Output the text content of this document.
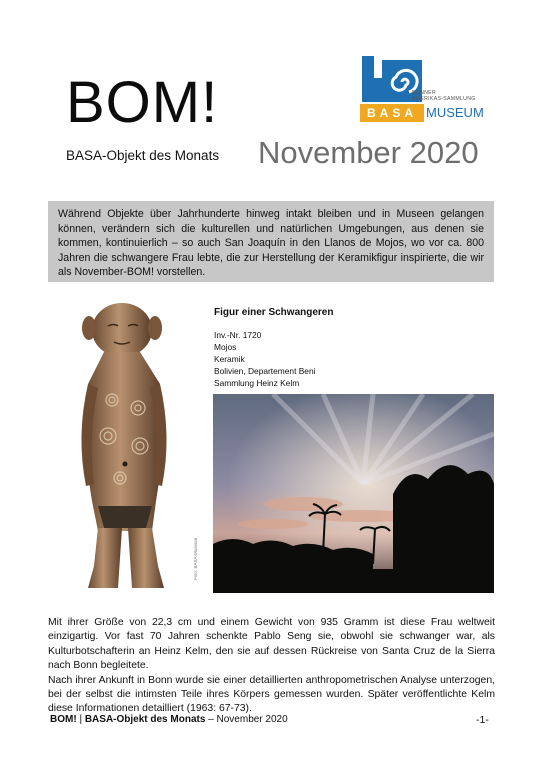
BOM!
BASA-Objekt des Monats November 2020
BONNER
AMERIKAS-SAMMLUNG
BASA MUSEUM
Während Objekte über Jahrhunderte hinweg intakt bleiben und in Museen gelangen können, verändern sich die kulturellen und natürlichen Umgebungen, aus denen sie kommen, kontinuierlich – so auch San Joaquín in den Llanos de Mojos, wo vor ca. 800 Jahren die schwangere Frau lebte, die zur Herstellung der Keramikfigur inspirierte, die wir als November-BOM! vorstellen.
Foto: BASA-Museum
Figur einer Schwangeren
Inv.-Nr. 1720
Mojos
Keramik
Bolivien, Departement Beni
Sammlung Heinz Kelm

Mit ihrer Größe von 22,3 cm und einem Gewicht von 935 Gramm ist diese Frau weltweit einzigartig. Vor fast 70 Jahren schenkte Pablo Seng sie, obwohl sie schwanger war, als Kulturbotschafterin an Heinz Kelm, den sie auf dessen Rückreise von Santa Cruz de la Sierra nach Bonn begleitete.

Nach ihrer Ankunft in Bonn wurde sie einer detaillierten anthropometrischen Analyse unterzogen, bei der selbst die intimsten Teile ihres Körpers gemessen wurden. Später veröffentlichte Kelm diese Informationen detailliert (1963: 67-73).

BOM! | BASA-Objekt des Monats – November 2020	-1-
